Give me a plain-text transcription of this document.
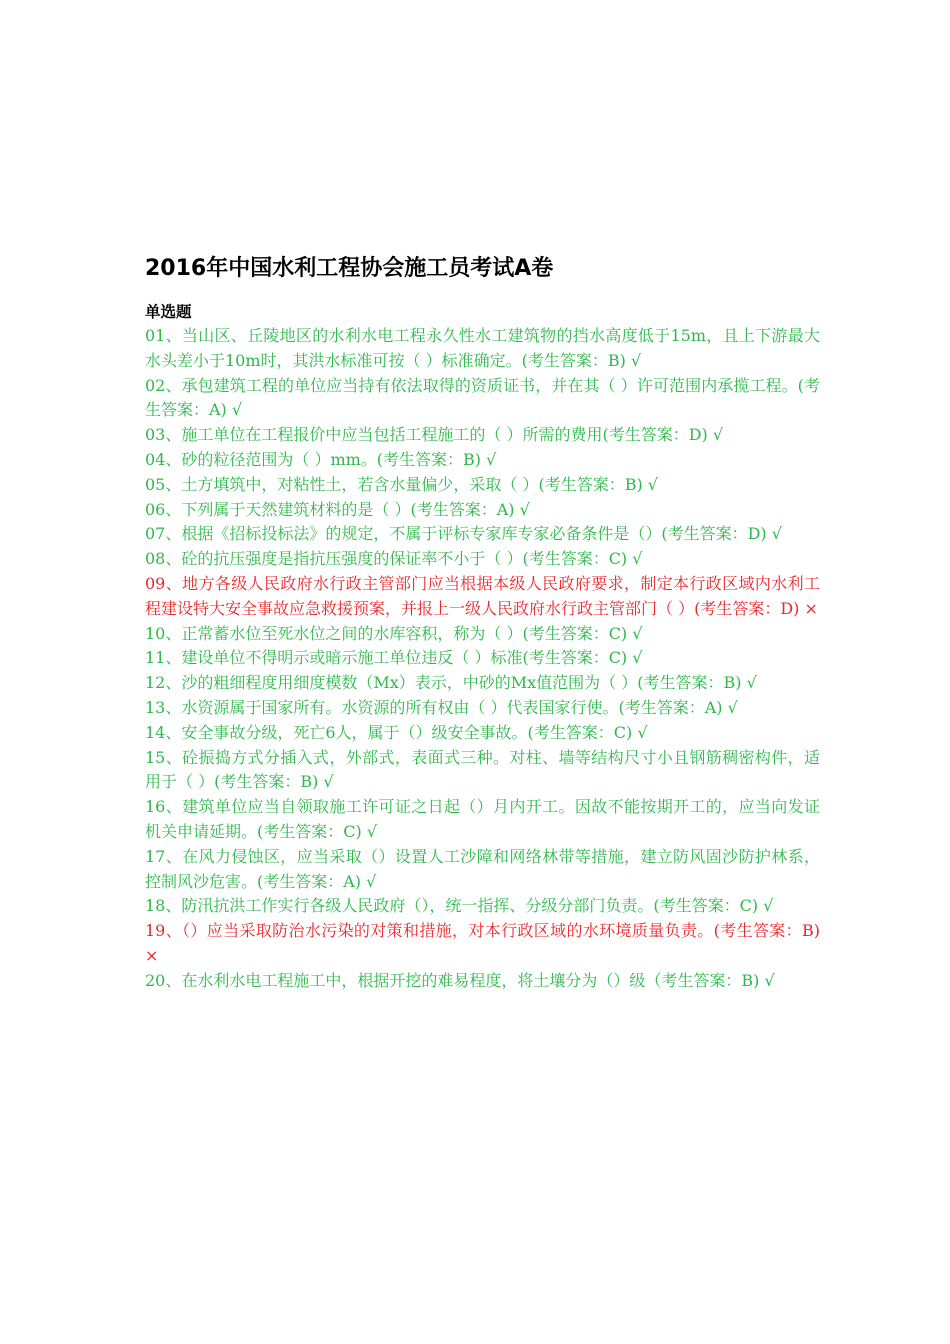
2016年中国水利工程协会施工员考试A卷
单选题

01、当山区、丘陵地区的水利水电工程永久性水工建筑物的挡水高度低于15m，且上下游最大水头差小于10m时，其洪水标准可按（ ）标准确定。(考生答案：B) √

02、承包建筑工程的单位应当持有依法取得的资质证书，并在其（ ）许可范围内承揽工程。(考生答案：A) √

03、施工单位在工程报价中应当包括工程施工的（ ）所需的费用(考生答案：D) √

04、砂的粒径范围为（ ）mm。(考生答案：B) √

05、土方填筑中，对粘性土，若含水量偏少，采取（ ）(考生答案：B) √

06、下列属于天然建筑材料的是（ ）(考生答案：A) √

07、根据《招标投标法》的规定，不属于评标专家库专家必备条件是（）(考生答案：D) √

08、砼的抗压强度是指抗压强度的保证率不小于（ ）(考生答案：C) √

09、地方各级人民政府水行政主管部门应当根据本级人民政府要求，制定本行政区域内水利工程建设特大安全事故应急救援预案，并报上一级人民政府水行政主管部门（ ）(考生答案：D) ×

10、正常蓄水位至死水位之间的水库容积，称为（ ）(考生答案：C) √

11、建设单位不得明示或暗示施工单位违反（ ）标准(考生答案：C) √

12、沙的粗细程度用细度模数（Mx）表示，中砂的Mx值范围为（ ）(考生答案：B) √

13、水资源属于国家所有。水资源的所有权由（ ）代表国家行使。(考生答案：A) √

14、安全事故分级，死亡6人，属于（）级安全事故。(考生答案：C) √

15、砼振捣方式分插入式，外部式，表面式三种。对柱、墙等结构尺寸小且钢筋稠密构件，适用于（ ）(考生答案：B) √

16、建筑单位应当自领取施工许可证之日起（）月内开工。因故不能按期开工的，应当向发证机关申请延期。(考生答案：C) √

17、在风力侵蚀区，应当采取（）设置人工沙障和网络林带等措施，建立防风固沙防护林系，控制风沙危害。(考生答案：A) √

18、防汛抗洪工作实行各级人民政府（），统一指挥、分级分部门负责。(考生答案：C) √

19、（）应当采取防治水污染的对策和措施，对本行政区域的水环境质量负责。(考生答案：B) ×

20、在水利水电工程施工中，根据开挖的难易程度，将土壤分为（）级（考生答案：B) √
